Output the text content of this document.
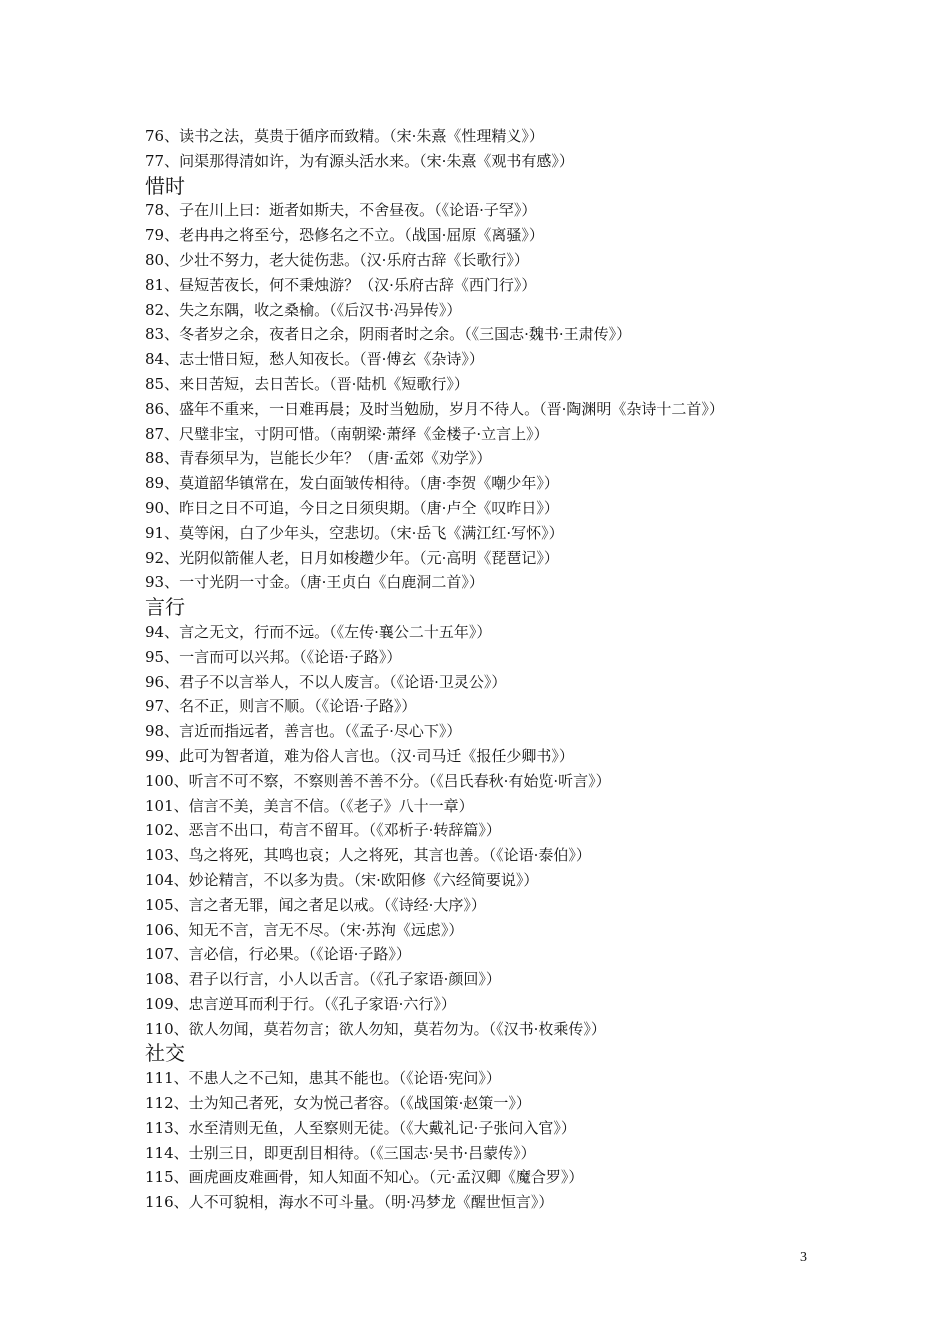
76、读书之法，莫贵于循序而致精。（宋·朱熹《性理精义》）
77、问渠那得清如许，为有源头活水来。（宋·朱熹《观书有感》）
惜时
78、子在川上曰：逝者如斯夫，不舍昼夜。（《论语·子罕》）
79、老冉冉之将至兮，恐修名之不立。（战国·屈原《离骚》）
80、少壮不努力，老大徒伤悲。（汉·乐府古辞《长歌行》）
81、昼短苦夜长，何不秉烛游？（汉·乐府古辞《西门行》）
82、失之东隅，收之桑榆。（《后汉书·冯异传》）
83、冬者岁之余，夜者日之余，阴雨者时之余。（《三国志·魏书·王肃传》）
84、志士惜日短，愁人知夜长。（晋·傅玄《杂诗》）
85、来日苦短，去日苦长。（晋·陆机《短歌行》）
86、盛年不重来，一日难再晨；及时当勉励，岁月不待人。（晋·陶渊明《杂诗十二首》）
87、尺璧非宝，寸阴可惜。（南朝梁·萧绎《金楼子·立言上》）
88、青春须早为，岂能长少年？（唐·孟郊《劝学》）
89、莫道韶华镇常在，发白面皱传相待。（唐·李贺《嘲少年》）
90、昨日之日不可追，今日之日须臾期。（唐·卢仝《叹昨日》）
91、莫等闲，白了少年头，空悲切。（宋·岳飞《满江红·写怀》）
92、光阴似箭催人老，日月如梭趱少年。（元·高明《琵琶记》）
93、一寸光阴一寸金。（唐·王贞白《白鹿洞二首》）
言行
94、言之无文，行而不远。（《左传·襄公二十五年》）
95、一言而可以兴邦。（《论语·子路》）
96、君子不以言举人，不以人废言。（《论语·卫灵公》）
97、名不正，则言不顺。（《论语·子路》）
98、言近而指远者，善言也。（《孟子·尽心下》）
99、此可为智者道，难为俗人言也。（汉·司马迁《报任少卿书》）
100、听言不可不察，不察则善不善不分。（《吕氏春秋·有始览·听言》）
101、信言不美，美言不信。（《老子》八十一章）
102、恶言不出口，苟言不留耳。（《邓析子·转辞篇》）
103、鸟之将死，其鸣也哀；人之将死，其言也善。（《论语·泰伯》）
104、妙论精言，不以多为贵。（宋·欧阳修《六经简要说》）
105、言之者无罪，闻之者足以戒。（《诗经·大序》）
106、知无不言，言无不尽。（宋·苏洵《远虑》）
107、言必信，行必果。（《论语·子路》）
108、君子以行言，小人以舌言。（《孔子家语·颜回》）
109、忠言逆耳而利于行。（《孔子家语·六行》）
110、欲人勿闻，莫若勿言；欲人勿知，莫若勿为。（《汉书·枚乘传》）
社交
111、不患人之不己知，患其不能也。（《论语·宪问》）
112、士为知己者死，女为悦己者容。（《战国策·赵策一》）
113、水至清则无鱼，人至察则无徒。（《大戴礼记·子张问入官》）
114、士别三日，即更刮目相待。（《三国志·吴书·吕蒙传》）
115、画虎画皮难画骨，知人知面不知心。（元·孟汉卿《魔合罗》）
116、人不可貌相，海水不可斗量。（明·冯梦龙《醒世恒言》）
3
